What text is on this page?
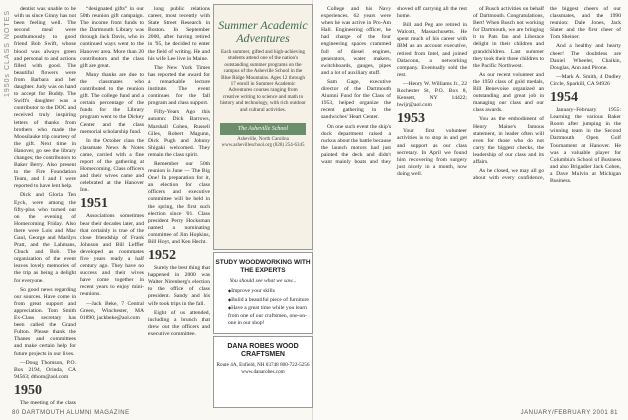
1950s CLASS NOTES

dentist was unable to be with us since Ginny has not been feeling well. The second meal were posthumously to good friend Bob Swift, whose blood was always green and personal to and actions filled with good. The beautiful flowers were from Barbara and her daughter. Judy was on hand to accept for Buddy. The Swift's daughter was a contributor to the DOC and received truly inspiring letters of thanks from brothers who made the Moosilauke trip courtesy of the gift. Next time in Hanover, go see the library changes; the contributors to Baker Berry. Also present to the Fire Foundation Team, and I and I were reported to have lent help.

Dick and Gloria Ten Eyck, were among the fifty-plus who turned out on the evening of Homecoming Friday. Also there were Lois and Mac Gaul, George and Marilyn Pratt, and the Lahmans, Chuck and Bob. The organization of the event leaves lovely memories of the trip as being a delight for everyone.

So good news regarding our sources. Have come in from great support and appreciation. Tom Smith Ex-Class secretary has been called the Grand Fulton. Please thank the Thanes and committees and make certain help for future projects in our lives.

—Doug Thomson, P.O. Box 2194, Orinda, CA 94563; dthom@aol.com

1950

The meeting of the class

“designated gifts” in our 50th reunion gift campaign. The income from funds to the Dartmouth Library was through Jack Davis, who in continued ways went to the Hanover area. More than 20 contributors and the class gift are great.

Many thanks are due to the classmates who contributed to the reunion gift. The college fund and a certain percentage of the funds for the Library program went to the Dickey Center and the class memorial scholarship fund.

In the October class the classmate News & Notes came, carried with a fine report of the gathering at Homecoming. Class officers and their wives came and celebrated at the Hanover Inn.

1951

Associations sometimes bear their decades later, and that certainly is true of the close friendship of Frank Johnson and Bill Leffler developed as roommates five years ready a half century ago. They have no success and their wives have come together in recent years to enjoy mini-reunions.

—Jack Beke, 7 Central Green, Winchester, MA 01890; jackbeke@aol.com

long public relations career, most recently with State Street Research in Boston. In September 2000, after having retired in '95, he decided to enter the field of writing. He and his wife Lee live in Maine.

The New York Times has reported the award for a remarkable lecture institute. The event continues for the fall program and class support.

Fifty-Years Ago this autumn: Dick Barrows, Marshall Cohen, Russell Giles, Robert Magunn, Dick Pugh and Johnny Shigaki welcomed. They remain the class spirit.

Remember our 50th reunion is June — The Big One! In preparation for it, an election for class officers and executive committee will be held in the spring, the first such election since '01. Class president Perry Hocksman named a nominating committee of Jim Hopkins, Bill Hoyt, and Ken Hecht.

1952

Surely the best thing that happened in 2000 was Walter Nirenberg's election to the office of class president. Sandy and his wife took trips in the fall.

Eight of us attended, including a brunch that drew out the officers and executive committee.

Summer Academic Adventures
Each summer, gifted and high-achieving students attend one of the nation's outstanding summer programs on the campus of the Asheville School in the Blue Ridge Mountains. Ages 12 through 17 enroll in Summer Academic Adventures courses ranging from creative writing to science and math to history and technology, with rich outdoor and cultural activities.
The Asheville School
Asheville, North Carolina www.ashevilleschool.org (828) 254-6345
STUDY WOODWORKING WITH THE EXPERTS
You should see what we saw...
◆ Improve your skills
◆ Build a beautiful piece of furniture
◆ Have a great time while you learn from one of our craftsmen, one-on-one in our shop!
DANA ROBES WOOD CRAFTSMEN
Route 4A, Enfield, NH 03748 800-722-5256 www.danarobes.com
80 DARTMOUTH ALUMNI MAGAZINE

College and his Navy experiences. 62 years were when he was active in Pro-Am Hall. Engineering officer, he had charge of the four engineering spaces crammed full of diesel engines, generators, water makers, switchboards, gauges, pipes and a lot of auxiliary stuff.

Sam Gage, executive director of the Dartmouth Alumni Fund for the Class of 1953, helped organize the recent gathering in the sandwiches' Heart Center.

On one such event the ship's dock department raised a ruckus about the battle because the launch motors had just painted the deck and didn't want mainly boats and they shoved off carrying all the rest home.

Bill and Peg are retired in Walcott, Massachusetts. He spent much of his career with IBM as an account executive, retired from Intel, and joined Dataconn, a networking company. Eventually sold the rest.

—Henry W. Williams Jr., 22 Rochester St, P.O. Box 8, Kensett, NY 14422; hwijr@aol.com

1953

Your first volunteer activities is to stop in and get and support as our class secretary. In April we found him recovering from surgery just nicely in a month, now doing well.

of Busch activities on behalf of Dartmouth. Congratulations, Bert! When Busch not working for Dartmouth, we are bringing it to Pats fan and Liberace delight in their children and grandchildren. Last summer they took their three children to the Pacific Northwest.

As our recent volunteer and the 1950 class of gold medals, Bill Benevoise organized an outstanding and great job in managing our class and our class awards.

You as the embodiment of Henry Maine's famous statement, in leader often will even for those who do not carry the biggest checks, the leadership of our class and its affairs.

As he closed, we may all go about with every confidence, the biggest cheers of our classmates, and the 1990 reunion: Dale Jones, Jack Slater and the first cheer of Tom Sheiner.

And a healthy and hearty cheer! The doubtless are Daniel Wheeler, Chaikin, Douglas, Ann and Pirone.

—Mark A. Smith, 4 Dudley Circle, Sparkill, CA 94926

1954

January–February 1955: Learning the various Baker Room after jumping in the winning team in the Second Dartmouth Open Golf Tournament at Hanover. He was a valuable player for Columbia's School of Business and also Brigadier Jack Cohen, a Dave Mulvin at Michigan Business.

JANUARY/FEBRUARY 2001 81
